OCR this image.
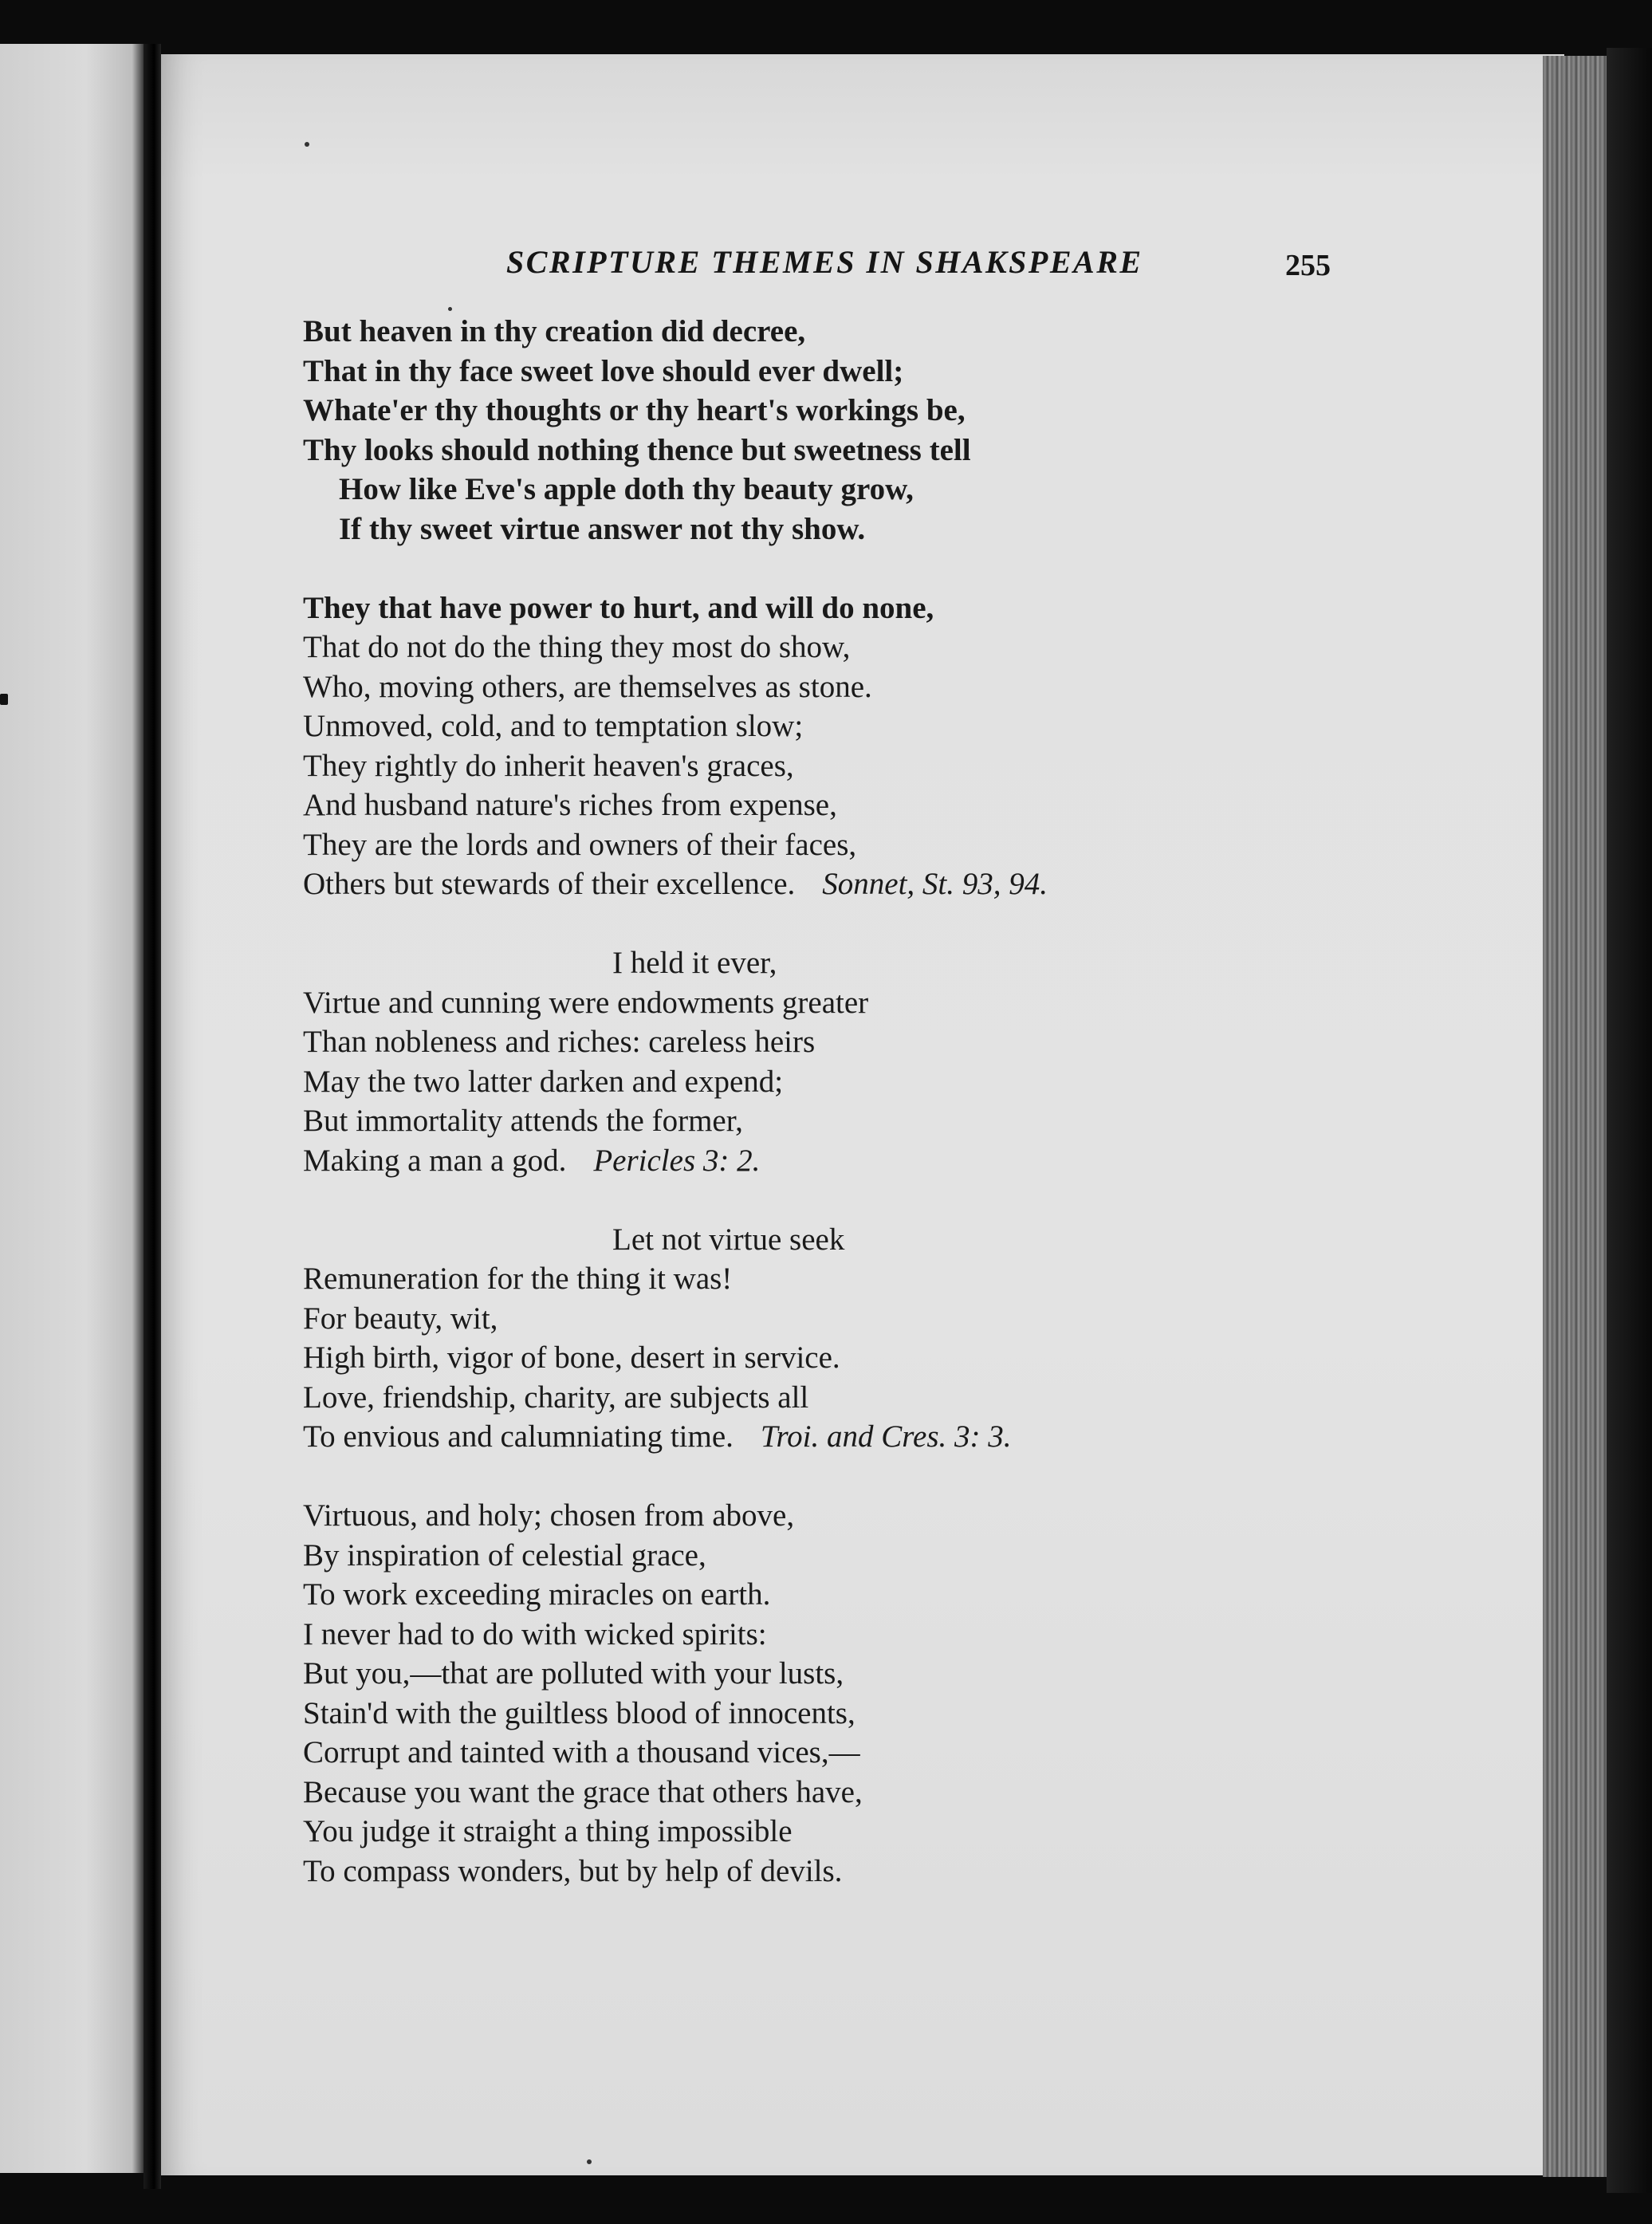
SCRIPTURE THEMES IN SHAKSPEARE	255
But heaven in thy creation did decree,
That in thy face sweet love should ever dwell;
Whate'er thy thoughts or thy heart's workings be,
Thy looks should nothing thence but sweetness tell
How like Eve's apple doth thy beauty grow,
If thy sweet virtue answer not thy show.
They that have power to hurt, and will do none,
That do not do the thing they most do show,
Who, moving others, are themselves as stone.
Unmoved, cold, and to temptation slow;
They rightly do inherit heaven's graces,
And husband nature's riches from expense,
They are the lords and owners of their faces,
Others but stewards of their excellence. Sonnet, St. 93, 94.
I held it ever,
Virtue and cunning were endowments greater
Than nobleness and riches: careless heirs
May the two latter darken and expend;
But immortality attends the former,
Making a man a god. Pericles 3: 2.
Let not virtue seek
Remuneration for the thing it was!
For beauty, wit,
High birth, vigor of bone, desert in service.
Love, friendship, charity, are subjects all
To envious and calumniating time. Troi. and Cres. 3: 3.
Virtuous, and holy; chosen from above,
By inspiration of celestial grace,
To work exceeding miracles on earth.
I never had to do with wicked spirits:
But you,—that are polluted with your lusts,
Stain'd with the guiltless blood of innocents,
Corrupt and tainted with a thousand vices,—
Because you want the grace that others have,
You judge it straight a thing impossible
To compass wonders, but by help of devils.
